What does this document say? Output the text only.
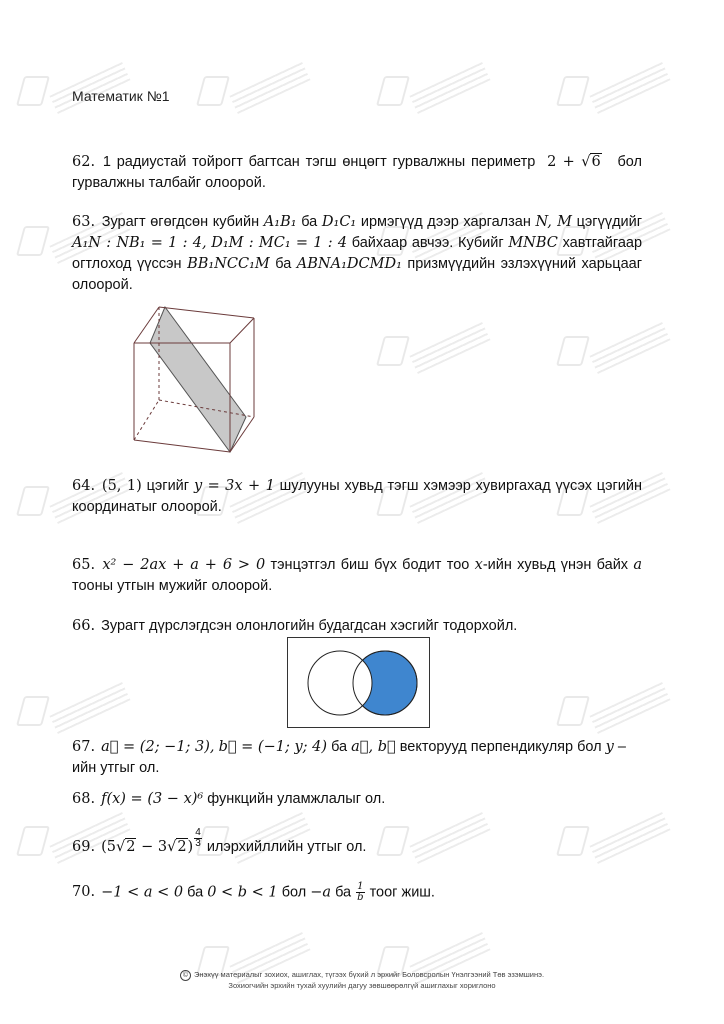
Математик №1
62. 1 радиустай тойрогт багтсан тэгш өнцөгт гурвалжны периметр 2 + √6 бол гурвалжны талбайг олоорой.
63. Зурагт өгөгдсөн кубийн A₁B₁ ба D₁C₁ ирмэгүүд дээр харгалзан N, M цэгүүдийг A₁N : NB₁ = 1 : 4, D₁M : MC₁ = 1 : 4 байхаар авчээ. Кубийг MNBC хавтгайгаар огтлоход үүссэн BB₁NCC₁M ба ABNA₁DCMD₁ призмүүдийн эзлэхүүний харьцааг олоорой.
64. (5, 1) цэгийг y = 3x + 1 шулууны хувьд тэгш хэмээр хувиргахад үүсэх цэгийн координатыг олоорой.
65. x² − 2ax + a + 6 > 0 тэнцэтгэл биш бүх бодит тоо x-ийн хувьд үнэн байх a тооны утгын мужийг олоорой.
66. Зурагт дүрслэгдсэн олонлогийн будагдсан хэсгийг тодорхойл.
67. a⃗ = (2; −1; 3), b⃗ = (−1; y; 4) ба a⃗, b⃗ векторууд перпендикуляр бол y – ийн утгыг ол.
68. f(x) = (3 − x)⁶ функцийн уламжлалыг ол.
69. $(5√2 - 3√2) \frac{4}{3}$ илэрхийллийн утгыг ол.
70. −1 < a < 0 ба 0 < b < 1 бол −a ба $\frac{1}{b}$ тоог жиш.
© Энэхүү материалыг зохиох, ашиглах, түгээх бүхий л эрхийг Боловсролын Үнэлгээний Төв эзэмшинэ.
Зохиогчийн эрхийн тухай хуулийн дагуу зөвшөөрөлгүй ашиглахыг хориглоно
